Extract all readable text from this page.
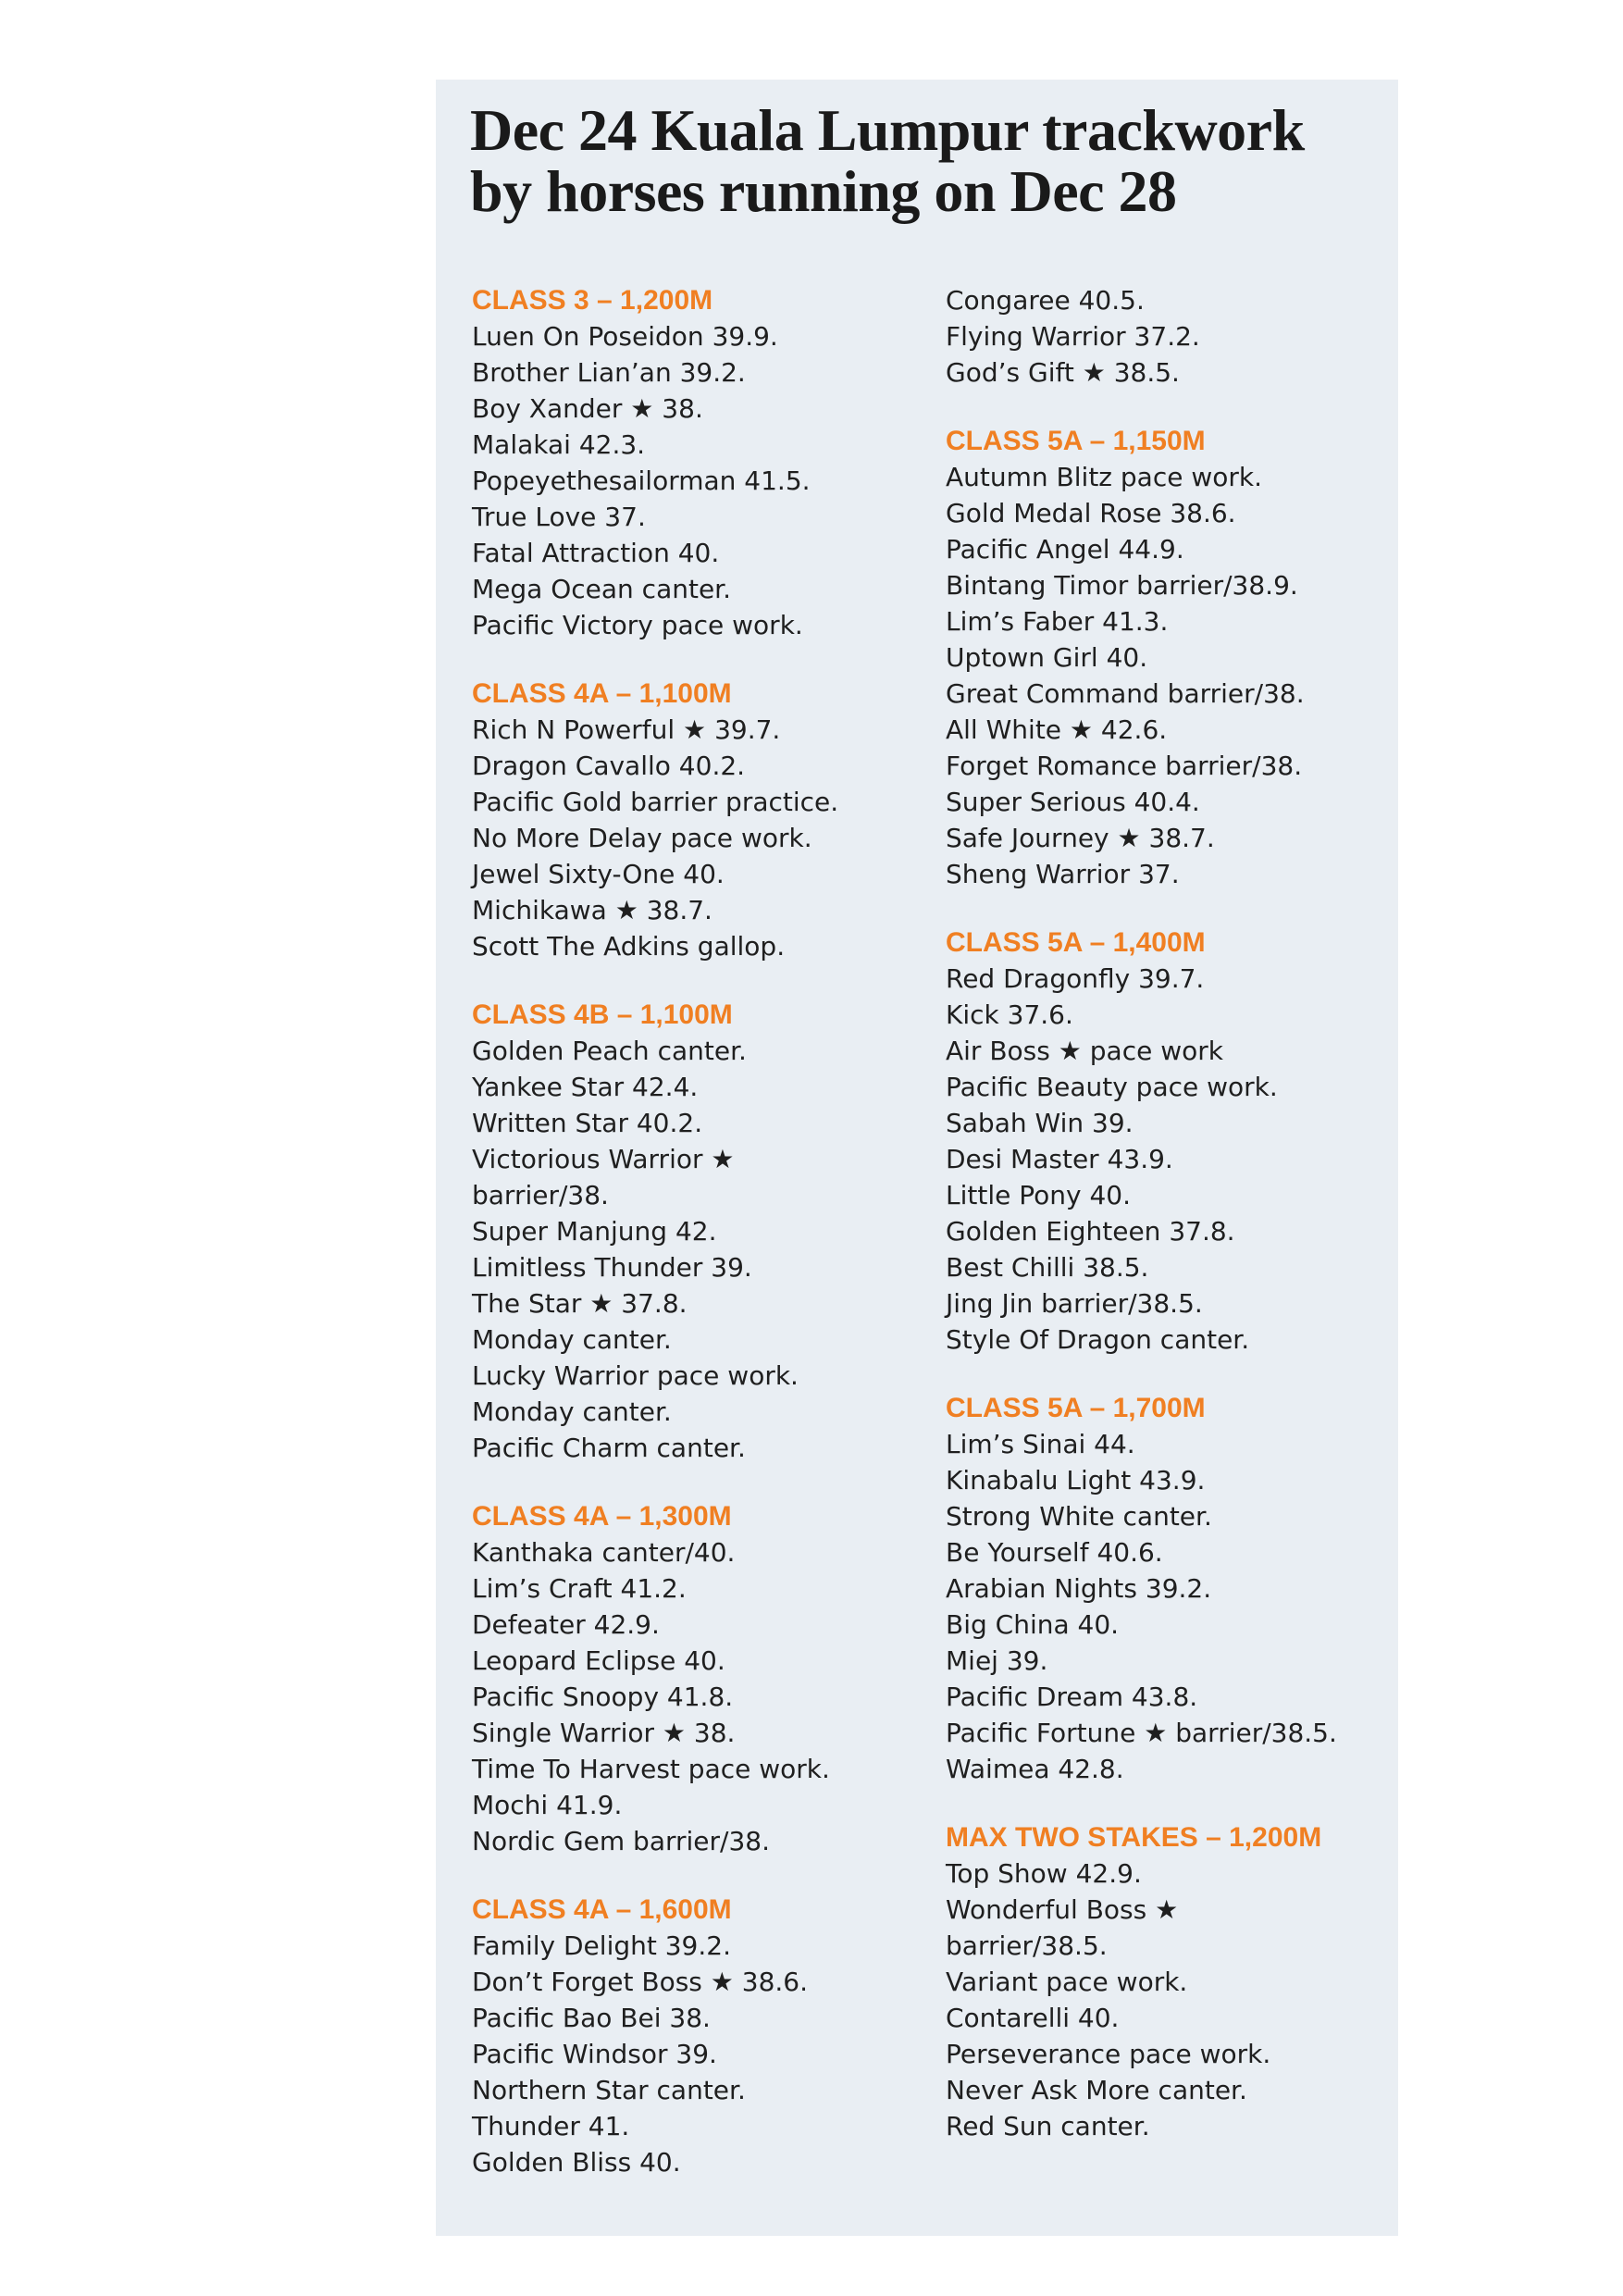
Dec 24 Kuala Lumpur trackwork by horses running on Dec 28
CLASS 3 – 1,200M
Luen On Poseidon 39.9.
Brother Lian’an 39.2.
Boy Xander ★ 38.
Malakai 42.3.
Popeyethesailorman 41.5.
True Love 37.
Fatal Attraction 40.
Mega Ocean canter.
Pacific Victory pace work.
CLASS 4A – 1,100M
Rich N Powerful ★ 39.7.
Dragon Cavallo 40.2.
Pacific Gold barrier practice.
No More Delay pace work.
Jewel Sixty-One 40.
Michikawa ★ 38.7.
Scott The Adkins gallop.
CLASS 4B – 1,100M
Golden Peach canter.
Yankee Star 42.4.
Written Star 40.2.
Victorious Warrior ★
barrier/38.
Super Manjung 42.
Limitless Thunder 39.
The Star ★ 37.8.
Monday canter.
Lucky Warrior pace work.
Monday canter.
Pacific Charm canter.
CLASS 4A – 1,300M
Kanthaka canter/40.
Lim’s Craft 41.2.
Defeater 42.9.
Leopard Eclipse 40.
Pacific Snoopy 41.8.
Single Warrior ★ 38.
Time To Harvest pace work.
Mochi 41.9.
Nordic Gem barrier/38.
CLASS 4A – 1,600M
Family Delight 39.2.
Don’t Forget Boss ★ 38.6.
Pacific Bao Bei 38.
Pacific Windsor 39.
Northern Star canter.
Thunder 41.
Golden Bliss 40.
Congaree 40.5.
Flying Warrior 37.2.
God’s Gift ★ 38.5.
CLASS 5A – 1,150M
Autumn Blitz pace work.
Gold Medal Rose 38.6.
Pacific Angel 44.9.
Bintang Timor barrier/38.9.
Lim’s Faber 41.3.
Uptown Girl 40.
Great Command barrier/38.
All White ★ 42.6.
Forget Romance barrier/38.
Super Serious 40.4.
Safe Journey ★ 38.7.
Sheng Warrior 37.
CLASS 5A – 1,400M
Red Dragonfly 39.7.
Kick 37.6.
Air Boss ★ pace work
Pacific Beauty pace work.
Sabah Win 39.
Desi Master 43.9.
Little Pony 40.
Golden Eighteen 37.8.
Best Chilli 38.5.
Jing Jin barrier/38.5.
Style Of Dragon canter.
CLASS 5A – 1,700M
Lim’s Sinai 44.
Kinabalu Light 43.9.
Strong White canter.
Be Yourself 40.6.
Arabian Nights 39.2.
Big China 40.
Miej 39.
Pacific Dream 43.8.
Pacific Fortune ★ barrier/38.5.
Waimea 42.8.
MAX TWO STAKES – 1,200M
Top Show 42.9.
Wonderful Boss ★
barrier/38.5.
Variant pace work.
Contarelli 40.
Perseverance pace work.
Never Ask More canter.
Red Sun canter.
